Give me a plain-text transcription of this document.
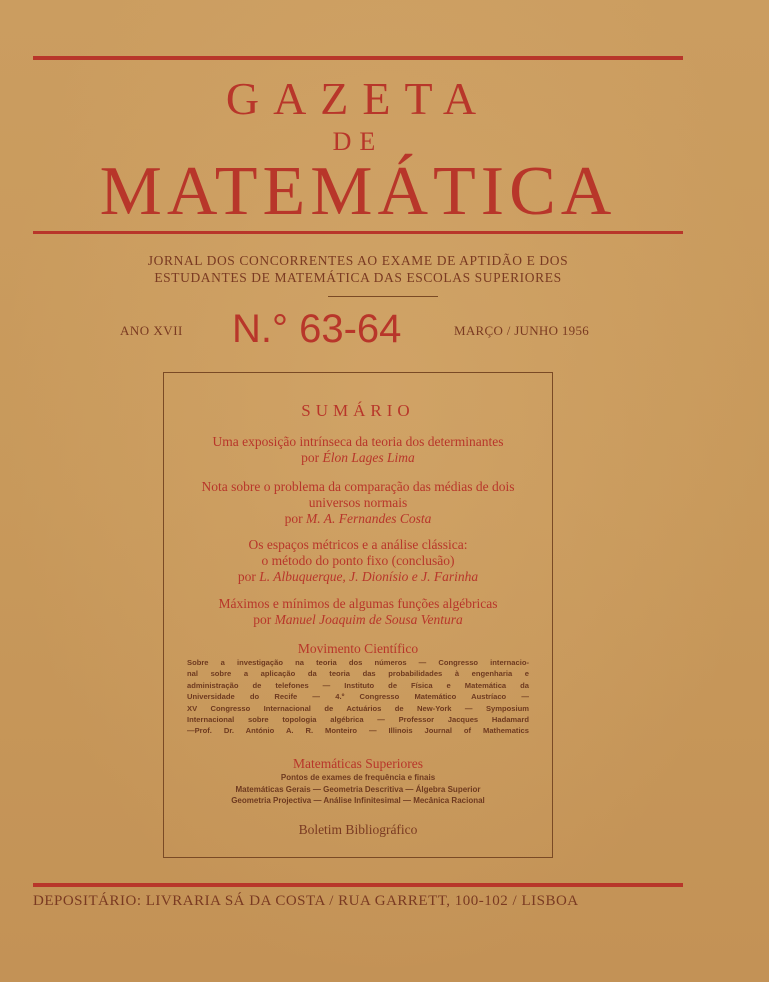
GAZETA
DE
MATEMÁTICA
JORNAL DOS CONCORRENTES AO EXAME DE APTIDÃO E DOS
ESTUDANTES DE MATEMÁTICA DAS ESCOLAS SUPERIORES
ANO XVII N.° 63-64	MARÇO / JUNHO 1956
SUMÁRIO
Uma exposição intrínseca da teoria dos determinantes
por Élon Lages Lima
Nota sobre o problema da comparação das médias de dois
universos normais
por M. A. Fernandes Costa
Os espaços métricos e a análise clássica:
o método do ponto fixo (conclusão)
por L. Albuquerque, J. Dionísio e J. Farinha
Máximos e mínimos de algumas funções algébricas
por Manuel Joaquim de Sousa Ventura
Movimento Científico
Sobre a investigação na teoria dos números — Congresso internacio-
nal sobre a aplicação da teoria das probabilidades à engenharia e
administração de telefones — Instituto de Física e Matemática da
Universidade do Recife — 4.º Congresso Matemático Austríaco —
XV Congresso Internacional de Actuários de New-York — Symposium
Internacional sobre topologia algébrica — Professor Jacques Hadamard
—Prof. Dr. António A. R. Monteiro — Illinois Journal of Mathematics
Matemáticas Superiores
Pontos de exames de frequência e finais
Matemáticas Gerais — Geometria Descritiva — Álgebra Superior
Geometria Projectiva — Análise Infinitesimal — Mecânica Racional
Boletim Bibliográfico
DEPOSITÁRIO: LIVRARIA SÁ DA COSTA / RUA GARRETT, 100-102 / LISBOA
